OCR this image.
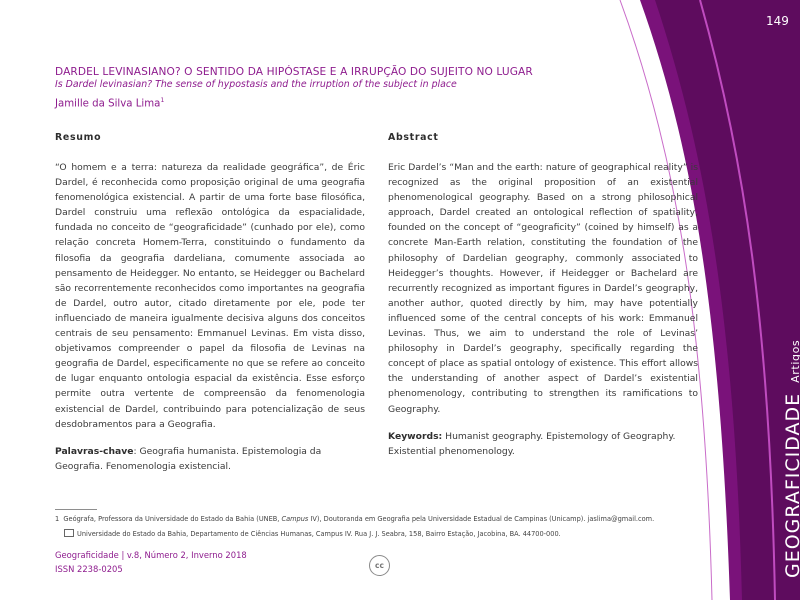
149
GEOGRAFICIDADEArtigos
DARDEL LEVINASIANO? O SENTIDO DA HIPÓSTASE E A IRRUPÇÃO DO SUJEITO NO LUGAR
Is Dardel levinasian? The sense of hypostasis and the irruption of the subject in place
Jamille da Silva Lima$^1$
Resumo

“O homem e a terra: natureza da realidade geográfica”, de Éric Dardel, é reconhecida como proposição original de uma geografia fenomenológica existencial. A partir de uma forte base filosófica, Dardel construiu uma reflexão ontológica da espacialidade, fundada no conceito de “geograficidade” (cunhado por ele), como relação concreta Homem-Terra, constituindo o fundamento da filosofia da geografia dardeliana, comumente associada ao pensamento de Heidegger. No entanto, se Heidegger ou Bachelard são recorrentemente reconhecidos como importantes na geografia de Dardel, outro autor, citado diretamente por ele, pode ter influenciado de maneira igualmente decisiva alguns dos conceitos centrais de seu pensamento: Emmanuel Levinas. Em vista disso, objetivamos compreender o papel da filosofia de Levinas na geografia de Dardel, especificamente no que se refere ao conceito de lugar enquanto ontologia espacial da existência. Esse esforço permite outra vertente de compreensão da fenomenologia existencial de Dardel, contribuindo para potencialização de seus desdobramentos para a Geografia.

Palavras-chave: Geografia humanista. Epistemologia da Geografia. Fenomenologia existencial.
Abstract

Eric Dardel’s “Man and the earth: nature of geographical reality” is recognized as the original proposition of an existential phenomenological geography. Based on a strong philosophical approach, Dardel created an ontological reflection of spatiality, founded on the concept of “geograficity” (coined by himself) as a concrete Man-Earth relation, constituting the foundation of the philosophy of Dardelian geography, commonly associated to Heidegger’s thoughts. However, if Heidegger or Bachelard are recurrently recognized as important figures in Dardel’s geography, another author, quoted directly by him, may have potentially influenced some of the central concepts of his work: Emmanuel Levinas. Thus, we aim to understand the role of Levinas’ philosophy in Dardel’s geography, specifically regarding the concept of place as spatial ontology of existence. This effort allows the understanding of another aspect of Dardel’s existential phenomenology, contributing to strengthen its ramifications to Geography.

Keywords: Humanist geography. Epistemology of Geography. Existential phenomenology.
1 Geógrafa, Professora da Universidade do Estado da Bahia (UNEB, Campus IV), Doutoranda em Geografia pela Universidade Estadual de Campinas (Unicamp). jaslima@gmail.com.
Universidade do Estado da Bahia, Departamento de Ciências Humanas, Campus IV. Rua J. J. Seabra, 158, Bairro Estação, Jacobina, BA. 44700-000.
Geograficidade | v.8, Número 2, Inverno 2018
ISSN 2238-0205	cc
